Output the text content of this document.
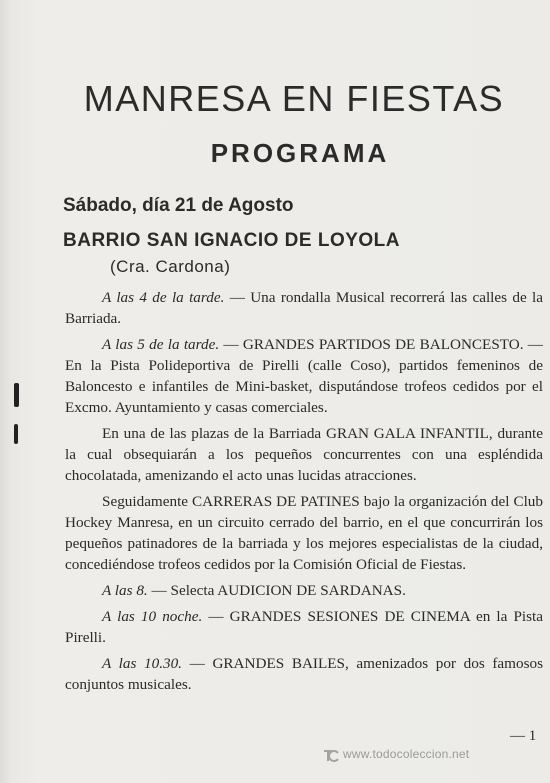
MANRESA EN FIESTAS
PROGRAMA
Sábado, día 21 de Agosto
BARRIO SAN IGNACIO DE LOYOLA
(Cra. Cardona)

A las 4 de la tarde. — Una rondalla Musical recorrerá las calles de la Barriada.

A las 5 de la tarde. — GRANDES PARTIDOS DE BALONCESTO. — En la Pista Polideportiva de Pirelli (calle Coso), partidos femeninos de Baloncesto e infantiles de Mini-basket, disputándose trofeos cedidos por el Excmo. Ayuntamiento y casas comerciales.

En una de las plazas de la Barriada GRAN GALA INFANTIL, durante la cual obsequiarán a los pequeños concurrentes con una espléndida chocolatada, amenizando el acto unas lucidas atracciones.

Seguidamente CARRERAS DE PATINES bajo la organización del Club Hockey Manresa, en un circuito cerrado del barrio, en el que concurrirán los pequeños patinadores de la barriada y los mejores especialistas de la ciudad, concediéndose trofeos cedidos por la Comisión Oficial de Fiestas.

A las 8. — Selecta AUDICION DE SARDANAS.

A las 10 noche. — GRANDES SESIONES DE CINEMA en la Pista Pirelli.

A las 10.30. — GRANDES BAILES, amenizados por dos famosos conjuntos musicales.

— 1
www.todocoleccion.net
